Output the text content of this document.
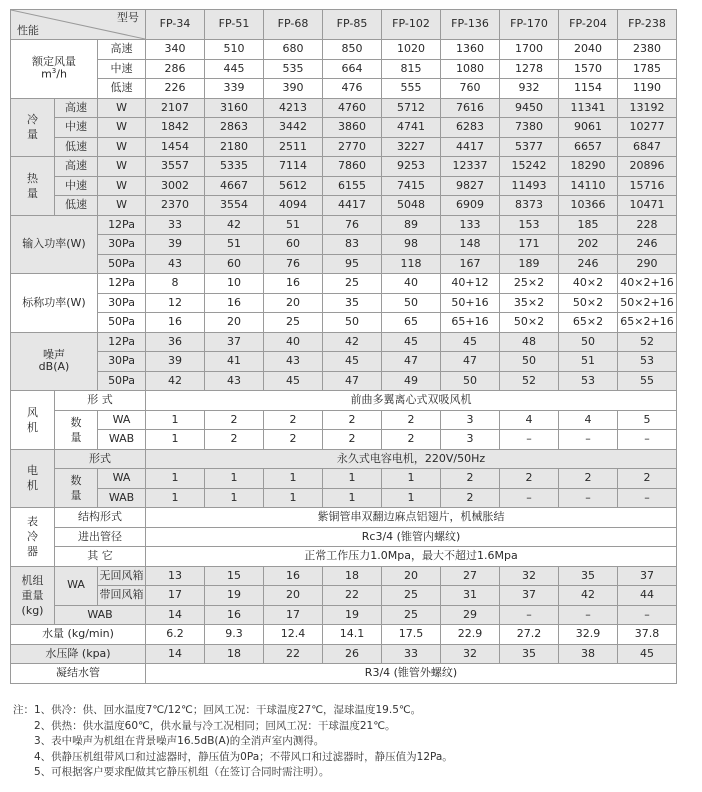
型号
性能			FP-34	FP-51	FP-68	FP-85	FP-102	FP-136	FP-170	FP-204	FP-238

额定风量
$m^3/h$		高速	340	510	680	850	1020	1360	1700	2040	2380
		中速	286	445	535	664	815	1080	1278	1570	1785
		低速	226	339	390	476	555	760	932	1154	1190

冷
量	高速	W	2107	3160	4213	4760	5712	7616	9450	11341	13192
	中速	W	1842	2863	3442	3860	4741	6283	7380	9061	10277
	低速	W	1454	2180	2511	2770	3227	4417	5377	6657	6847

热
量	高速	W	3557	5335	7114	7860	9253	12337	15242	18290	20896
	中速	W	3002	4667	5612	6155	7415	9827	11493	14110	15716
	低速	W	2370	3554	4094	4417	5048	6909	8373	10366	10471
输入功率(W)		12Pa	33	42	51	76	89	133	153	185	228
		30Pa	39	51	60	83	98	148	171	202	246
		50Pa	43	60	76	95	118	167	189	246	290
标称功率(W)		12Pa	8	10	16	25	40	40+12	25×2	40×2	40×2+16
		30Pa	12	16	20	35	50	50+16	35×2	50×2	50×2+16
		50Pa	16	20	25	50	65	65+16	50×2	65×2	65×2+16

噪声
dB(A)		12Pa	36	37	40	42	45	45	48	50	52
		30Pa	39	41	43	45	47	47	50	51	53
		50Pa	42	43	45	47	49	50	52	53	55

风
机	形 式		前曲多翼离心式双吸风机								

	数
量	WA	1	2	2	2	2	3	4	4	5
		WAB	1	2	2	2	2	3	–	–	–

电
机	形式		永久式电容电机，220V/50Hz								

	数
量	WA	1	1	1	1	1	2	2	2	2
		WAB	1	1	1	1	1	2	–	–	–

表
冷
器	结构形式		紫铜管串双翻边麻点铝翅片，机械胀结								
	进出管径		Rc3/4 (锥管内螺纹)								
	其 它		正常工作压力1.0Mpa，最大不超过1.6Mpa								

机组
重量
(kg)	WA	无回风箱	13	15	16	18	20	27	32	35	37
		带回风箱	17	19	20	22	25	31	37	42	44
	WAB		14	16	17	19	25	29	–	–	–
水量 (kg/min)			6.2	9.3	12.4	14.1	17.5	22.9	27.2	32.9	37.8
水压降 (kpa)			14	18	22	26	33	32	35	38	45
凝结水管			R3/4 (锥管外螺纹)								
注：1、供冷：供、回水温度7℃/12℃；回风工况：干球温度27℃，湿球温度19.5℃。
2、供热：供水温度60℃，供水量与冷工况相同；回风工况：干球温度21℃。
3、表中噪声为机组在背景噪声16.5dB(A)的全消声室内测得。
4、供静压机组带风口和过滤器时，静压值为0Pa；不带风口和过滤器时，静压值为12Pa。
5、可根据客户要求配做其它静压机组（在签订合同时需注明）。
